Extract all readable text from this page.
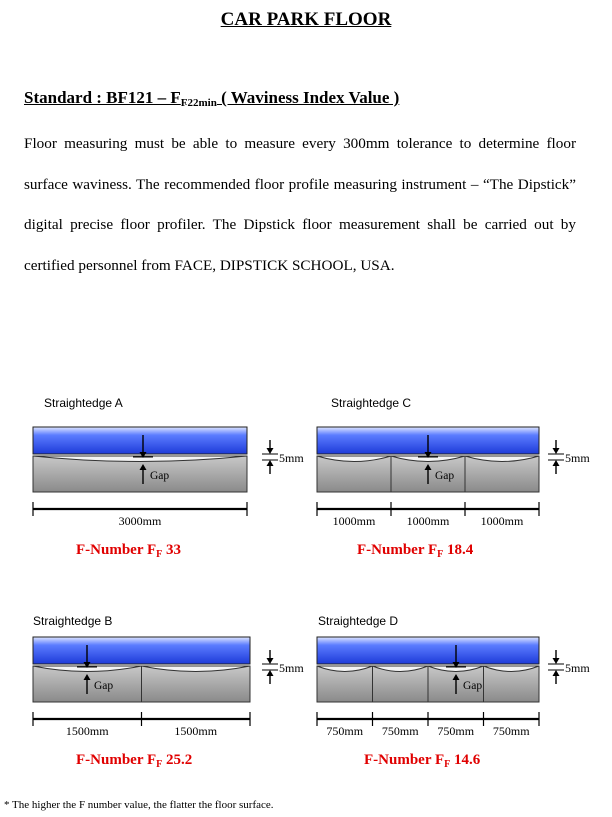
CAR PARK FLOOR
Standard : $BF121 - F_{F22min}$ ( Waviness Index Value )

Floor measuring must be able to measure every 300mm tolerance to determine floor surface waviness. The recommended floor profile measuring instrument – “The Dipstick” digital precise floor profiler. The Dipstick floor measurement shall be carried out by certified personnel from FACE, DIPSTICK SCHOOL, USA.

Gap
5mm
3000mm
Gap
5mm
1000mm	1000mm	1000mm
Gap
5mm
1500mm	1500mm
Gap
5mm
750mm 750mm 750mm 750mm
Straightedge A	Straightedge C
Straightedge B	Straightedge D
F-Number $F_F$ 33	F-Number $F_F$ 18.4
F-Number $F_F$ 25.2	F-Number $F_F$ 14.6
* The higher the F number value, the flatter the floor surface.
